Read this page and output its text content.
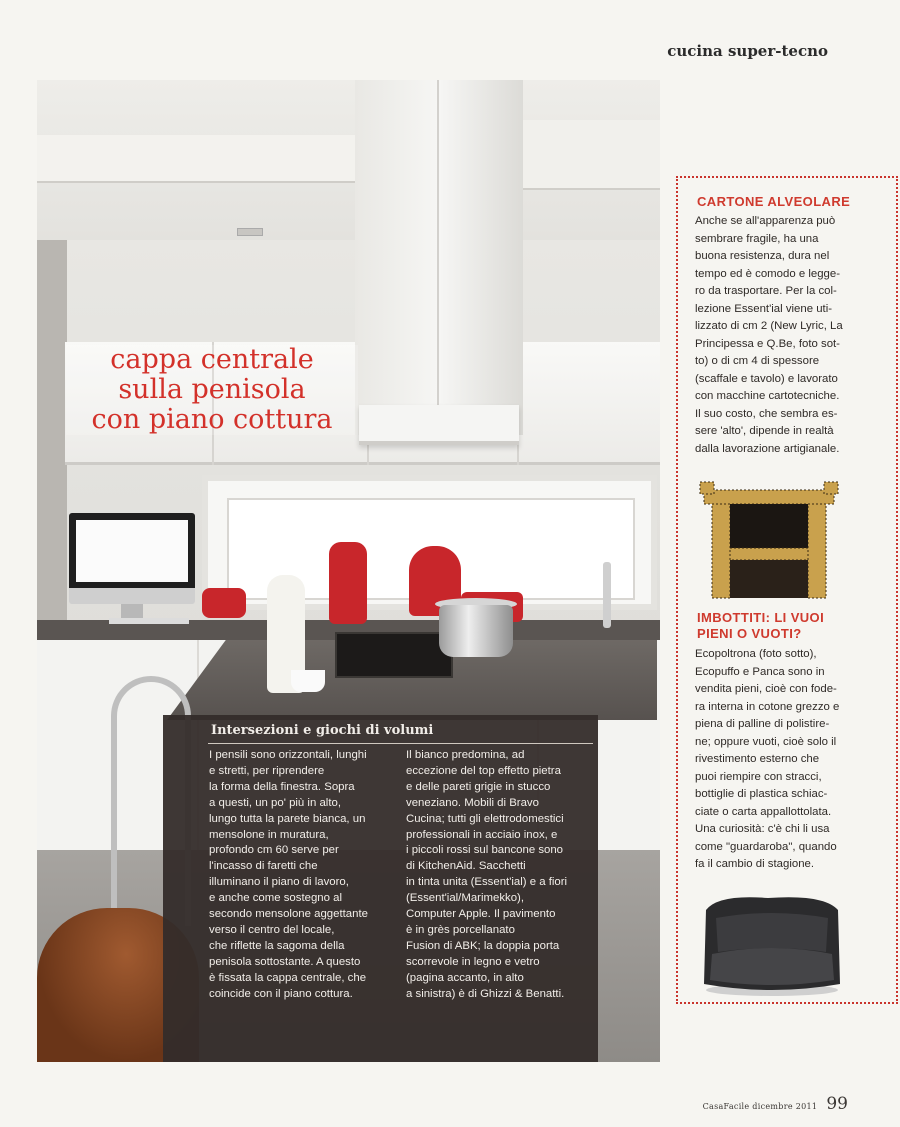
cucina super-tecno
cappa centrale
sulla penisola
con piano cottura
Intersezioni e giochi di volumi
I pensili sono orizzontali, lunghi
e stretti, per riprendere
la forma della finestra. Sopra
a questi, un po' più in alto,
lungo tutta la parete bianca, un
mensolone in muratura,
profondo cm 60 serve per
l'incasso di faretti che
illuminano il piano di lavoro,
e anche come sostegno al
secondo mensolone aggettante
verso il centro del locale,
che riflette la sagoma della
penisola sottostante. A questo
è fissata la cappa centrale, che
coincide con il piano cottura.
Il bianco predomina, ad
eccezione del top effetto pietra
e delle pareti grigie in stucco
veneziano. Mobili di Bravo
Cucina; tutti gli elettrodomestici
professionali in acciaio inox, e
i piccoli rossi sul bancone sono
di KitchenAid. Sacchetti
in tinta unita (Essent'ial) e a fiori
(Essent'ial/Marimekko),
Computer Apple. Il pavimento
è in grès porcellanato
Fusion di ABK; la doppia porta
scorrevole in legno e vetro
(pagina accanto, in alto
a sinistra) è di Ghizzi & Benatti.
CARTONE ALVEOLARE
Anche se all'apparenza può
sembrare fragile, ha una
buona resistenza, dura nel
tempo ed è comodo e legge-
ro da trasportare. Per la col-
lezione Essent'ial viene uti-
lizzato di cm 2 (New Lyric, La
Principessa e Q.Be, foto sot-
to) o di cm 4 di spessore
(scaffale e tavolo) e lavorato
con macchine cartotecniche.
Il suo costo, che sembra es-
sere 'alto', dipende in realtà
dalla lavorazione artigianale.
IMBOTTITI: LI VUOI
PIENI O VUOTI?
Ecopoltrona (foto sotto),
Ecopuffo e Panca sono in
vendita pieni, cioè con fode-
ra interna in cotone grezzo e
piena di palline di polistire-
ne; oppure vuoti, cioè solo il
rivestimento esterno che
puoi riempire con stracci,
bottiglie di plastica schiac-
ciate o carta appallottolata.
Una curiosità: c'è chi li usa
come "guardaroba", quando
fa il cambio di stagione.
CasaFacile dicembre 2011 99
